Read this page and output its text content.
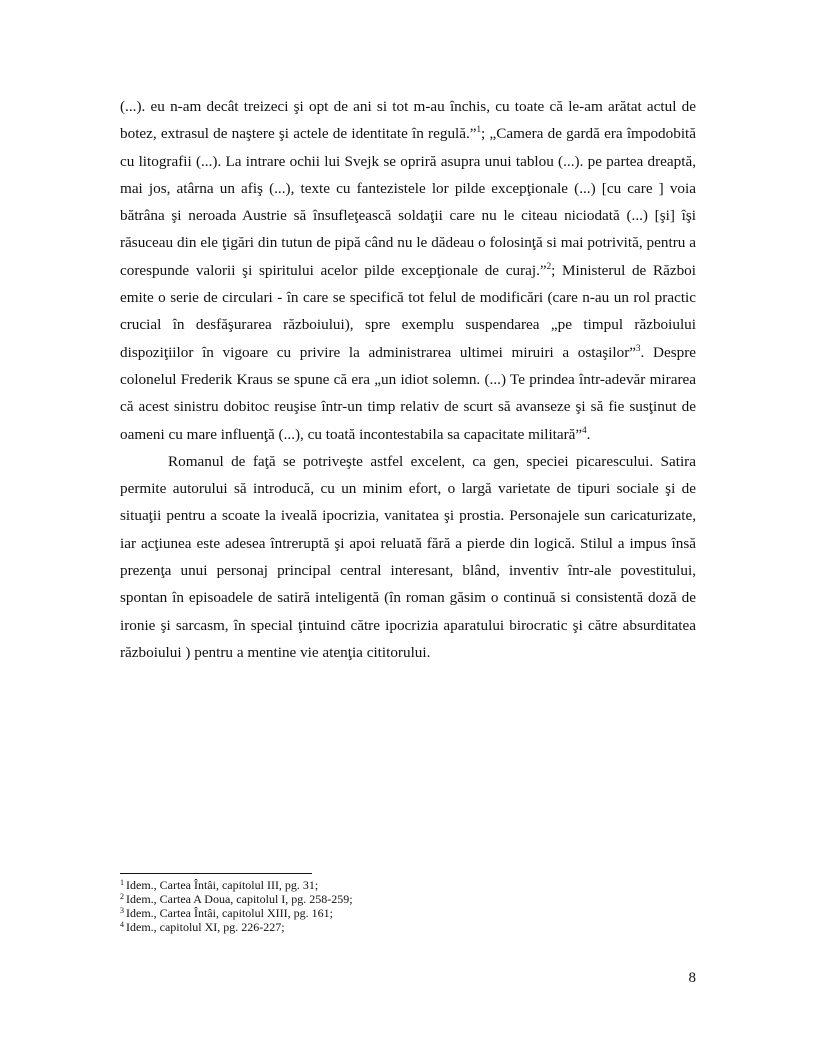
(...). eu n-am decât treizeci şi opt de ani si tot m-au închis, cu toate că le-am arătat actul de botez, extrasul de naştere şi actele de identitate în regulă.”$^1$; „Camera de gardă era împodobită cu litografii (...). La intrare ochii lui Svejk se opriră asupra unui tablou (...). pe partea dreaptă, mai jos, atârna un afiş (...), texte cu fantezistele lor pilde excepţionale (...) [cu care ] voia bătrâna şi neroada Austrie să însufleţească soldaţii care nu le citeau niciodată (...) [şi] îşi răsuceau din ele ţigări din tutun de pipă când nu le dădeau o folosinţă si mai potrivită, pentru a corespunde valorii şi spiritului acelor pilde excepţionale de curaj.”$^2$; Ministerul de Război emite o serie de circulari - în care se specifică tot felul de modificări (care n-au un rol practic crucial în desfăşurarea războiului), spre exemplu suspendarea „pe timpul războiului dispoziţiilor în vigoare cu privire la administrarea ultimei miruiri a ostaşilor”$^3$. Despre colonelul Frederik Kraus se spune că era „un idiot solemn. (...) Te prindea într-adevăr mirarea că acest sinistru dobitoc reuşise într-un timp relativ de scurt să avanseze şi să fie susţinut de oameni cu mare influenţă (...), cu toată incontestabila sa capacitate militară”$^4$.

Romanul de faţă se potriveşte astfel excelent, ca gen, speciei picarescului. Satira permite autorului să introducă, cu un minim efort, o largă varietate de tipuri sociale şi de situaţii pentru a scoate la iveală ipocrizia, vanitatea şi prostia. Personajele sun caricaturizate, iar acţiunea este adesea întreruptă şi apoi reluată fără a pierde din logică. Stilul a impus însă prezenţa unui personaj principal central interesant, blând, inventiv într-ale povestitului, spontan în episoadele de satiră inteligentă (în roman găsim o continuă si consistentă doză de ironie şi sarcasm, în special ţintuind către ipocrizia aparatului birocratic şi către absurditatea războiului ) pentru a mentine vie atenţia cititorului.

$^1$ Idem., Cartea Întâi, capitolul III, pg. 31;
$^2$ Idem., Cartea A Doua, capitolul I, pg. 258-259;
$^3$ Idem., Cartea Întâi, capitolul XIII, pg. 161;
$^4$ Idem., capitolul XI, pg. 226-227;
8
